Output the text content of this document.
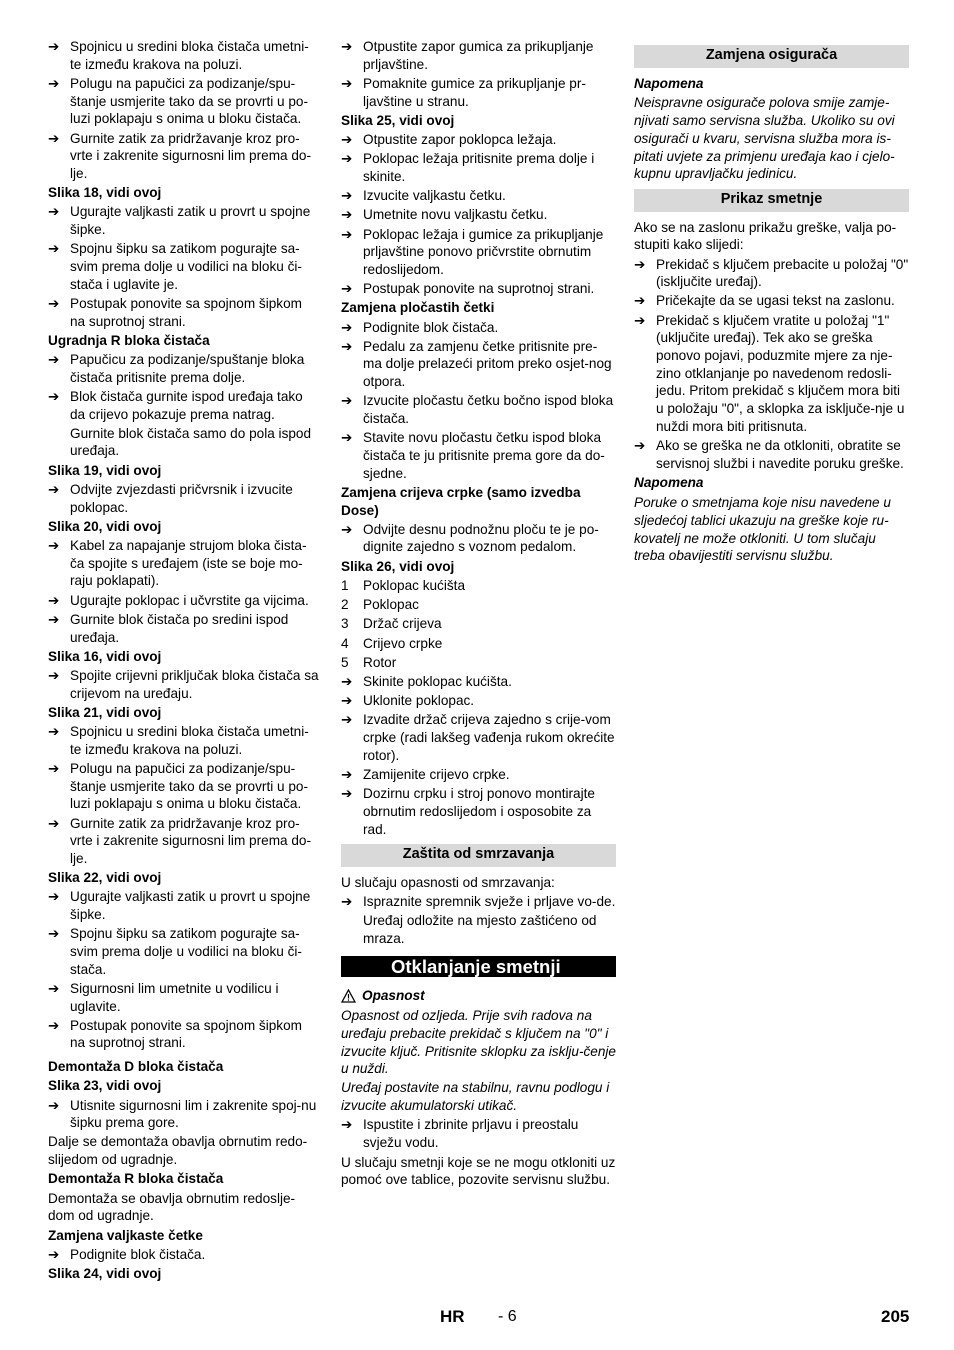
➔ Spojnicu u sredini bloka čistača umetni-te između krakova na poluzi.
➔ Polugu na papučici za podizanje/spu-štanje usmjerite tako da se provrti u po-luzi poklapaju s onima u bloku čistača.
➔ Gurnite zatik za pridržavanje kroz pro-vrte i zakrenite sigurnosni lim prema do-lje.
Slika 18, vidi ovoj
➔ Ugurajte valjkasti zatik u provrt u spojne šipke.
➔ Spojnu šipku sa zatikom pogurajte sa-svim prema dolje u vodilici na bloku či-stača i uglavite je.
➔ Postupak ponovite sa spojnom šipkom na suprotnoj strani.
Ugradnja R bloka čistača
➔ Papučicu za podizanje/spuštanje bloka čistača pritisnite prema dolje.
➔ Blok čistača gurnite ispod uređaja tako da crijevo pokazuje prema natrag.
Gurnite blok čistača samo do pola ispod uređaja.
Slika 19, vidi ovoj
➔ Odvijte zvjezdasti pričvrsnik i izvucite poklopac.
Slika 20, vidi ovoj
➔ Kabel za napajanje strujom bloka čista-ča spojite s uređajem (iste se boje mo-raju poklapati).
➔ Ugurajte poklopac i učvrstite ga vijcima.
➔ Gurnite blok čistača po sredini ispod uređaja.
Slika 16, vidi ovoj
➔ Spojite crijevni priključak bloka čistača sa crijevom na uređaju.
Slika 21, vidi ovoj
➔ Spojnicu u sredini bloka čistača umetni-te između krakova na poluzi.
➔ Polugu na papučici za podizanje/spu-štanje usmjerite tako da se provrti u po-luzi poklapaju s onima u bloku čistača.
➔ Gurnite zatik za pridržavanje kroz pro-vrte i zakrenite sigurnosni lim prema do-lje.
Slika 22, vidi ovoj
➔ Ugurajte valjkasti zatik u provrt u spojne šipke.
➔ Spojnu šipku sa zatikom pogurajte sa-svim prema dolje u vodilici na bloku či-stača.
➔ Sigurnosni lim umetnite u vodilicu i uglavite.
➔ Postupak ponovite sa spojnom šipkom na suprotnoj strani.
Demontaža D bloka čistača
Slika 23, vidi ovoj
➔ Utisnite sigurnosni lim i zakrenite spoj-nu šipku prema gore.
Dalje se demontaža obavlja obrnutim redo-slijedom od ugradnje.
Demontaža R bloka čistača
Demontaža se obavlja obrnutim redoslje-dom od ugradnje.
Zamjena valjkaste četke
➔ Podignite blok čistača.
Slika 24, vidi ovoj
➔ Otpustite zapor gumica za prikupljanje prljavštine.
➔ Pomaknite gumice za prikupljanje pr-ljavštine u stranu.
Slika 25, vidi ovoj
➔ Otpustite zapor poklopca ležaja.
➔ Poklopac ležaja pritisnite prema dolje i skinite.
➔ Izvucite valjkastu četku.
➔ Umetnite novu valjkastu četku.
➔ Poklopac ležaja i gumice za prikupljanje prljavštine ponovo pričvrstite obrnutim redoslijedom.
➔ Postupak ponovite na suprotnoj strani.
Zamjena pločastih četki
➔ Podignite blok čistača.
➔ Pedalu za zamjenu četke pritisnite pre-ma dolje prelazeći pritom preko osjet-nog otpora.
➔ Izvucite pločastu četku bočno ispod bloka čistača.
➔ Stavite novu pločastu četku ispod bloka čistača te ju pritisnite prema gore da do-sjedne.
Zamjena crijeva crpke (samo izvedba Dose)
➔ Odvijte desnu podnožnu ploču te je po-dignite zajedno s voznom pedalom.
Slika 26, vidi ovoj
1	Poklopac kućišta
2	Poklopac
3	Držač crijeva
4	Crijevo crpke
5	Rotor
➔ Skinite poklopac kućišta.
➔ Uklonite poklopac.
➔ Izvadite držač crijeva zajedno s crije-vom crpke (radi lakšeg vađenja rukom okrećite rotor).
➔ Zamijenite crijevo crpke.
➔ Dozirnu crpku i stroj ponovo montirajte obrnutim redoslijedom i osposobite za rad.
Zaštita od smrzavanja
U slučaju opasnosti od smrzavanja:
➔ Ispraznite spremnik svježe i prljave vo-de.
Uređaj odložite na mjesto zaštićeno od mraza.
Otklanjanje smetnji
Opasnost
Opasnost od ozljeda. Prije svih radova na uređaju prebacite prekidač s ključem na "0" i izvucite ključ. Pritisnite sklopku za isklju-čenje u nuždi.
Uređaj postavite na stabilnu, ravnu podlogu i izvucite akumulatorski utikač.
➔ Ispustite i zbrinite prljavu i preostalu svježu vodu.
U slučaju smetnji koje se ne mogu otkloniti uz pomoć ove tablice, pozovite servisnu službu.
Zamjena osigurača
Napomena
Neispravne osigurače polova smije zamje-njivati samo servisna služba. Ukoliko su ovi osigurači u kvaru, servisna služba mora is-pitati uvjete za primjenu uređaja kao i cjelo-kupnu upravljačku jedinicu.
Prikaz smetnje
Ako se na zaslonu prikažu greške, valja po-stupiti kako slijedi:
➔ Prekidač s ključem prebacite u položaj "0" (isključite uređaj).
➔ Pričekajte da se ugasi tekst na zaslonu.
➔ Prekidač s ključem vratite u položaj "1" (uključite uređaj). Tek ako se greška ponovo pojavi, poduzmite mjere za nje-zino otklanjanje po navedenom redosli-jedu. Pritom prekidač s ključem mora biti u položaju "0", a sklopka za isključe-nje u nuždi mora biti pritisnuta.
➔ Ako se greška ne da otkloniti, obratite se servisnoj službi i navedite poruku greške.
Napomena
Poruke o smetnjama koje nisu navedene u sljedećoj tablici ukazuju na greške koje ru-kovatelj ne može otkloniti. U tom slučaju treba obavijestiti servisnu službu.
HR - 6	205
